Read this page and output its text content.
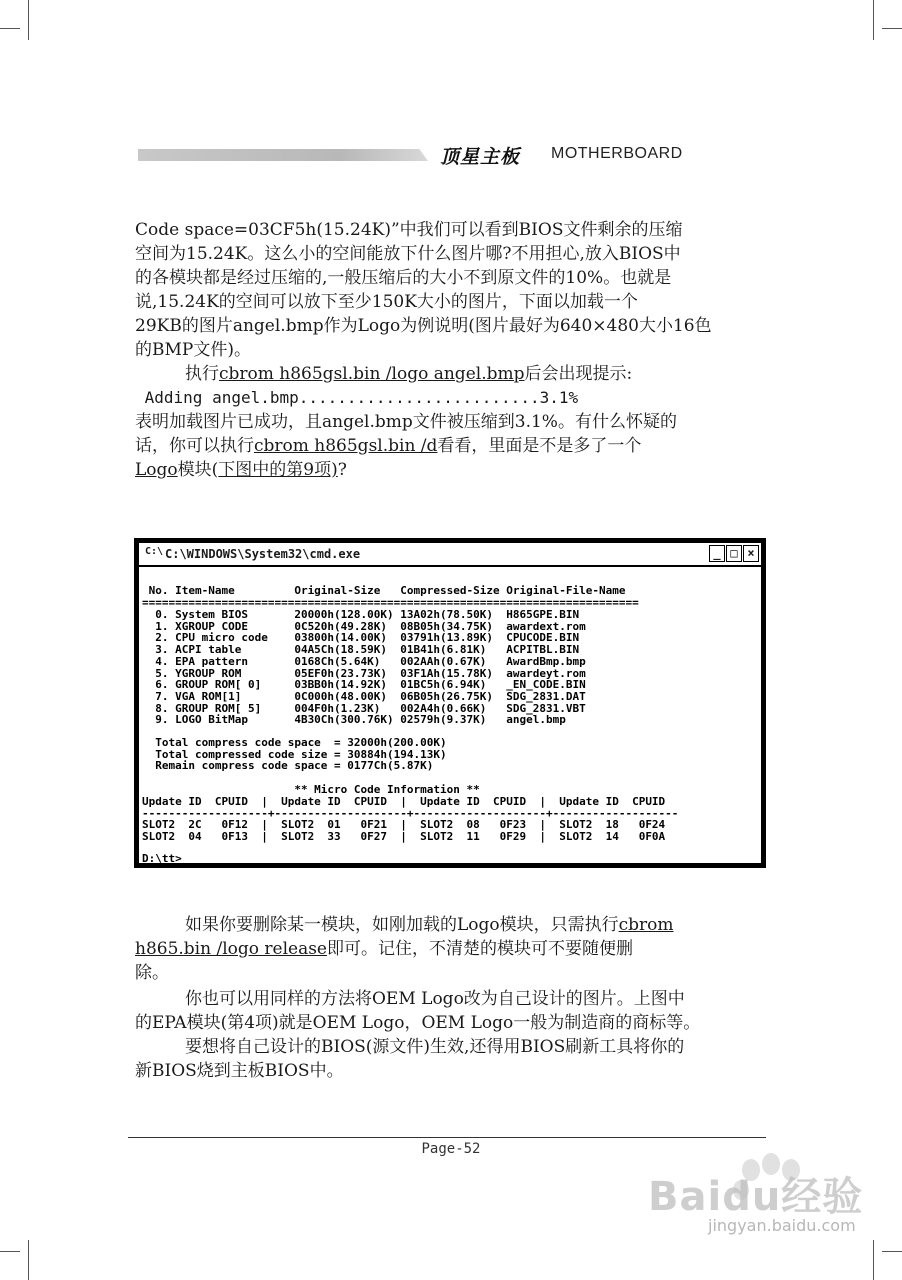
顶星主板 MOTHERBOARD

Code space=03CF5h(15.24K)”中我们可以看到BIOS文件剩余的压缩

空间为15.24K。这么小的空间能放下什么图片哪?不用担心,放入BIOS中

的各模块都是经过压缩的,一般压缩后的大小不到原文件的10%。也就是

说,15.24K的空间可以放下至少150K大小的图片，下面以加载一个

29KB的图片angel.bmp作为Logo为例说明(图片最好为640×480大小16色

的BMP文件)。

执行cbrom h865gsl.bin /logo angel.bmp后会出现提示:

Adding angel.bmp.........................3.1%

表明加载图片已成功，且angel.bmp文件被压缩到3.1%。有什么怀疑的

话，你可以执行cbrom h865gsl.bin /d看看，里面是不是多了一个

Logo模块(下图中的第9项)?

C:\ C:\WINDOWS\System32\cmd.exe	_ □ ×

No. Item-Name         Original-Size   Compressed-Size Original-File-Name

===========================================================================

0. System BIOS       20000h(128.00K) 13A02h(78.50K)  H865GPE.BIN

1. XGROUP CODE       0C520h(49.28K)  08B05h(34.75K)  awardext.rom

2. CPU micro code    03800h(14.00K)  03791h(13.89K)  CPUCODE.BIN

3. ACPI table        04A5Ch(18.59K)  01B41h(6.81K)   ACPITBL.BIN

4. EPA pattern       0168Ch(5.64K)   002AAh(0.67K)   AwardBmp.bmp

5. YGROUP ROM        05EF0h(23.73K)  03F1Ah(15.78K)  awardeyt.rom

6. GROUP ROM[ 0]     03BB0h(14.92K)  01BC5h(6.94K)   _EN_CODE.BIN

7. VGA ROM[1]        0C000h(48.00K)  06B05h(26.75K)  SDG_2831.DAT

8. GROUP ROM[ 5]     004F0h(1.23K)   002A4h(0.66K)   SDG_2831.VBT

9. LOGO BitMap       4B30Ch(300.76K) 02579h(9.37K)   angel.bmp

Total compress code space  = 32000h(200.00K)

Total compressed code size = 30884h(194.13K)

Remain compress code space = 0177Ch(5.87K)

** Micro Code Information **

Update ID  CPUID  |  Update ID  CPUID  |  Update ID  CPUID  |  Update ID  CPUID

-------------------+--------------------+--------------------+-------------------

SLOT2  2C   0F12  |  SLOT2  01   0F21  |  SLOT2  08   0F23  |  SLOT2  18   0F24

SLOT2  04   0F13  |  SLOT2  33   0F27  |  SLOT2  11   0F29  |  SLOT2  14   0F0A

D:\tt>

如果你要删除某一模块，如刚加载的Logo模块，只需执行cbrom

h865.bin /logo release即可。记住，不清楚的模块可不要随便删

除。

你也可以用同样的方法将OEM Logo改为自己设计的图片。上图中

的EPA模块(第4项)就是OEM Logo，OEM Logo一般为制造商的商标等。

要想将自己设计的BIOS(源文件)生效,还得用BIOS刷新工具将你的

新BIOS烧到主板BIOS中。

Page-52
Baidu经验
jingyan.baidu.com
